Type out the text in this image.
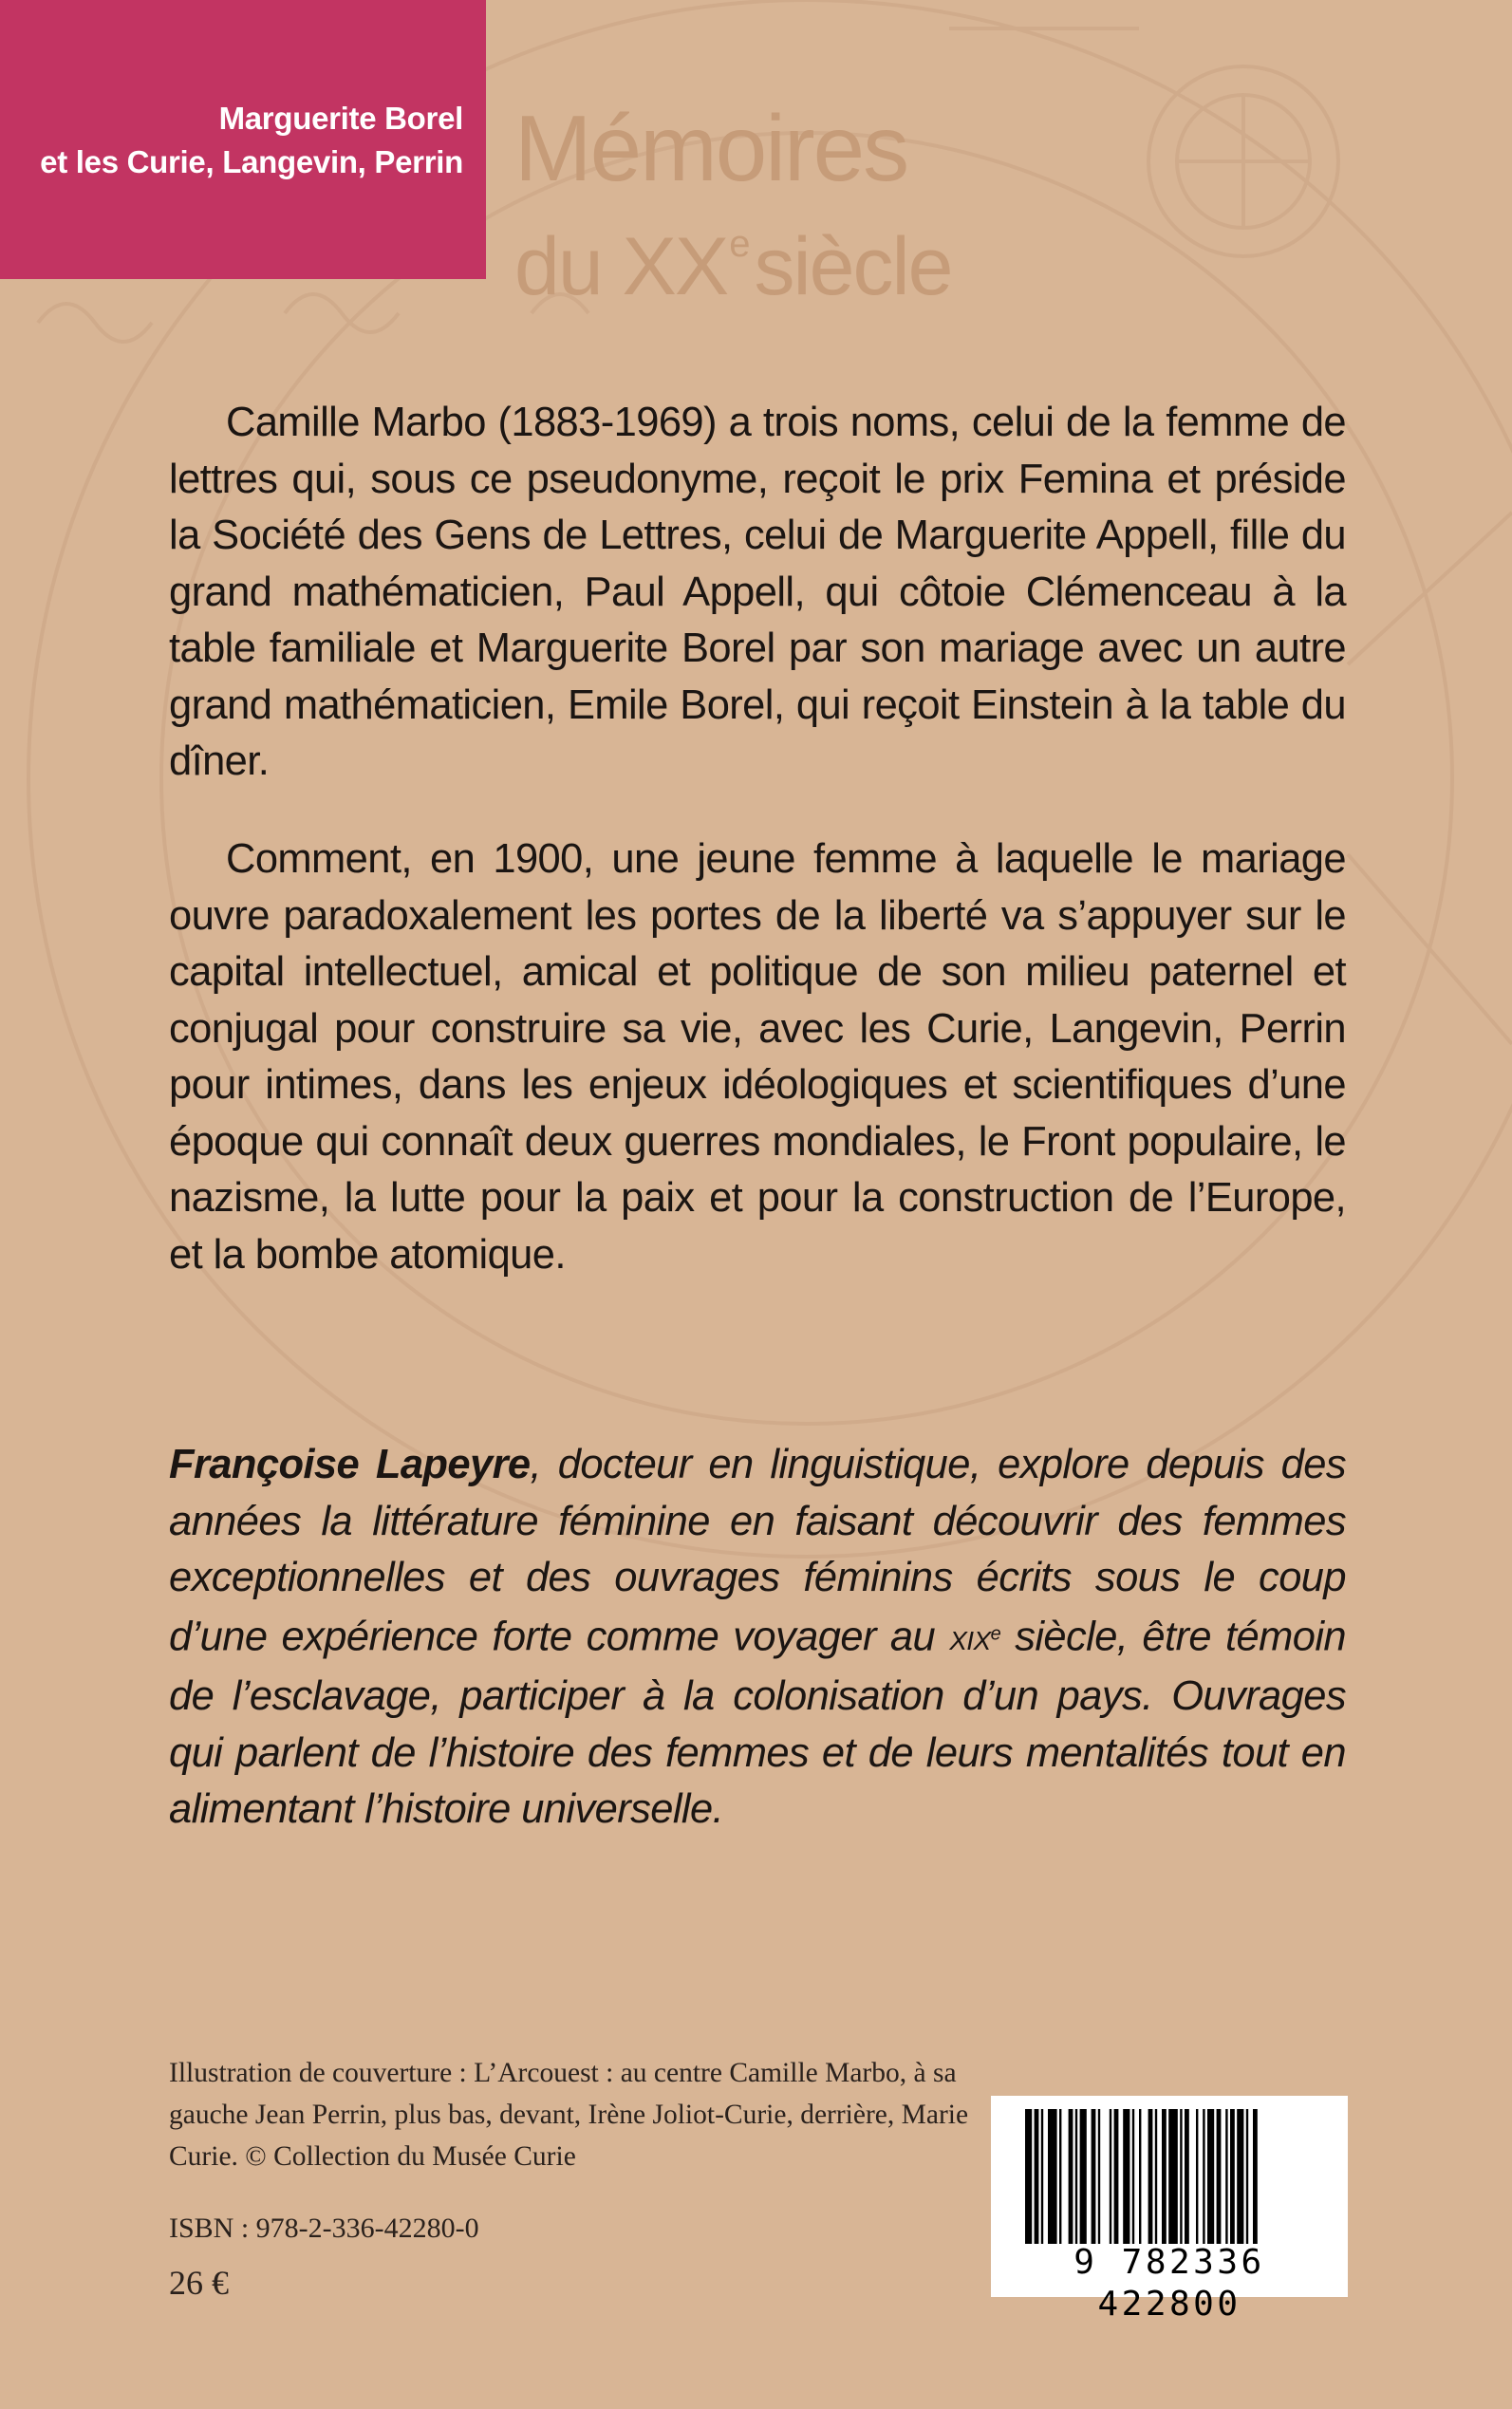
Marguerite Borel
et les Curie, Langevin, Perrin Mémoires
du XXesiècle

Camille Marbo (1883-1969) a trois noms, celui de la femme de lettres qui, sous ce pseudonyme, reçoit le prix Femina et préside la Société des Gens de Lettres, celui de Marguerite Appell, fille du grand mathématicien, Paul Appell, qui côtoie Clémenceau à la table familiale et Marguerite Borel par son mariage avec un autre grand mathématicien, Emile Borel, qui reçoit Einstein à la table du dîner.

Comment, en 1900, une jeune femme à laquelle le mariage ouvre paradoxalement les portes de la liberté va s’appuyer sur le capital intellectuel, amical et politique de son milieu paternel et conjugal pour construire sa vie, avec les Curie, Langevin, Perrin pour intimes, dans les enjeux idéologiques et scientifiques d’une époque qui connaît deux guerres mondiales, le Front populaire, le nazisme, la lutte pour la paix et pour la construction de l’Europe, et la bombe atomique.

Françoise Lapeyre, docteur en linguistique, explore depuis des années la littérature féminine en faisant découvrir des femmes exceptionnelles et des ouvrages féminins écrits sous le coup d’une expérience forte comme voyager au XIXe siècle, être témoin de l’esclavage, participer à la colonisation d’un pays. Ouvrages qui parlent de l’histoire des femmes et de leurs mentalités tout en alimentant l’histoire universelle.

Illustration de couverture : L’Arcouest : au centre Camille Marbo, à sa gauche Jean Perrin, plus bas, devant, Irène Joliot-Curie, derrière, Marie Curie. © Collection du Musée Curie

ISBN : 978-2-336-42280-0
26 €
9 782336 422800
